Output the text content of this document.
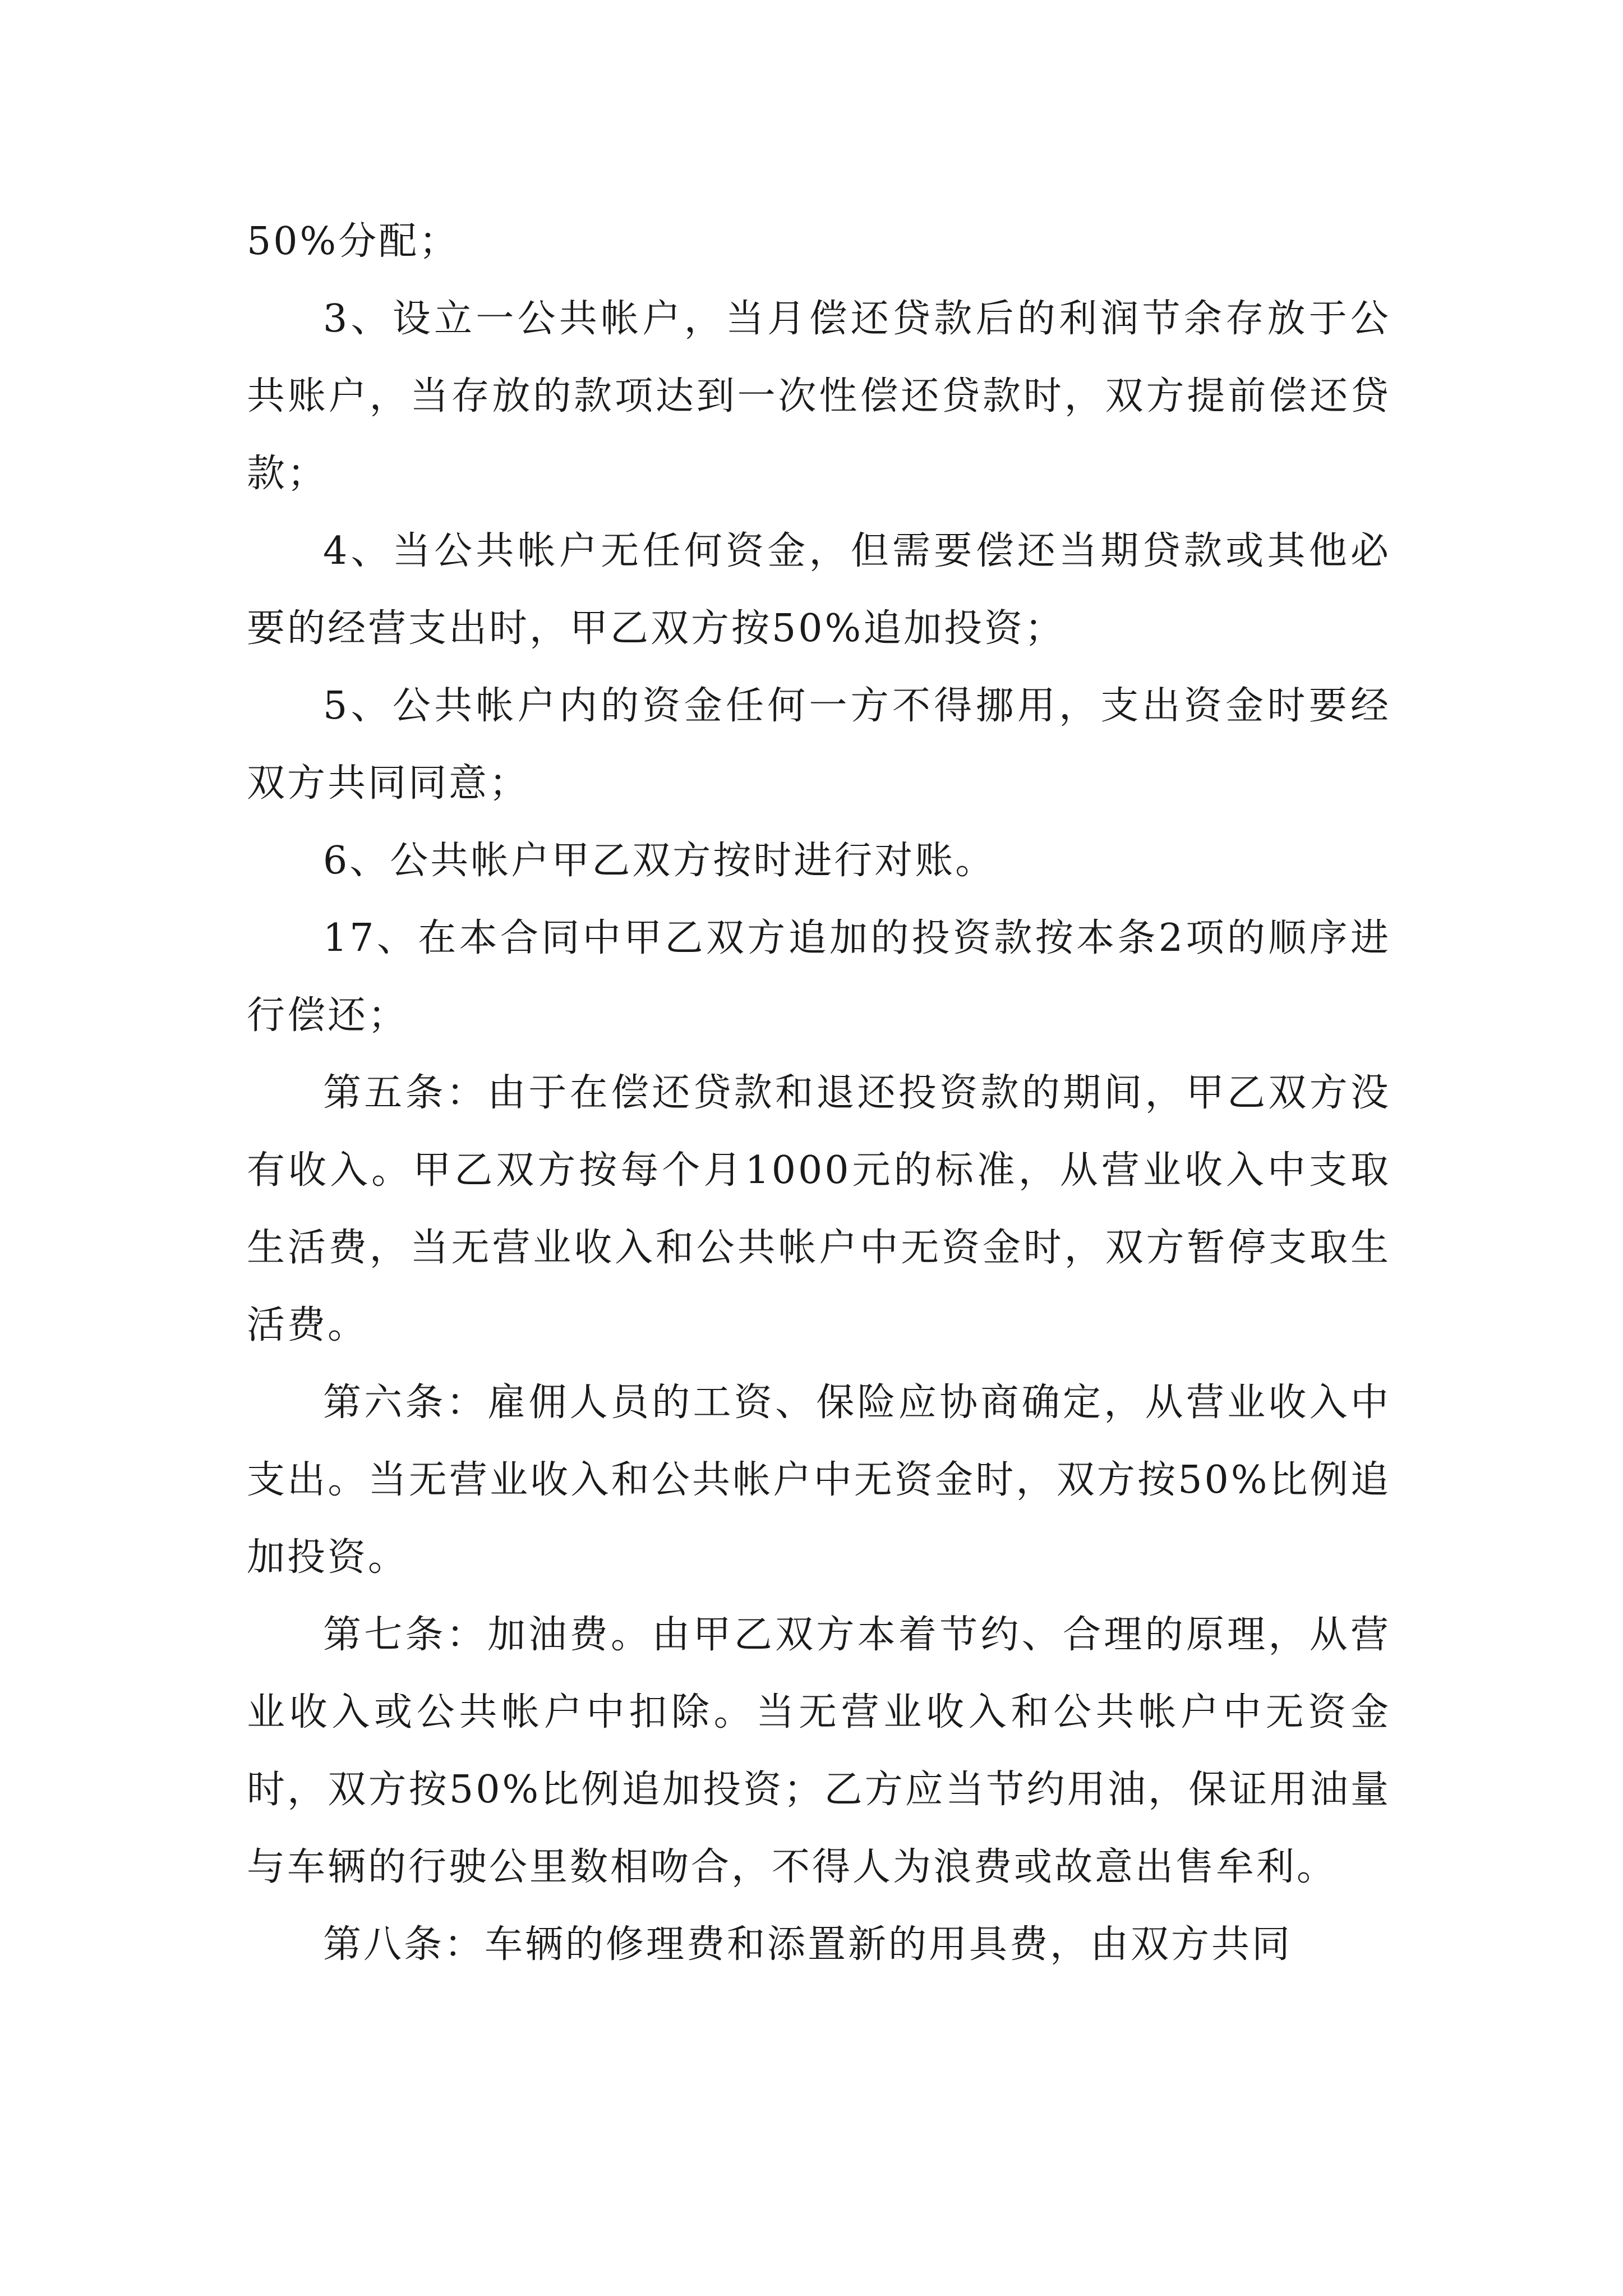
50%分配；

3、设立一公共帐户，当月偿还贷款后的利润节余存放于公共账户，当存放的款项达到一次性偿还贷款时，双方提前偿还贷款；

4、当公共帐户无任何资金，但需要偿还当期贷款或其他必要的经营支出时，甲乙双方按50%追加投资；

5、公共帐户内的资金任何一方不得挪用，支出资金时要经双方共同同意；

6、公共帐户甲乙双方按时进行对账。

17、在本合同中甲乙双方追加的投资款按本条2项的顺序进行偿还；

第五条：由于在偿还贷款和退还投资款的期间，甲乙双方没有收入。甲乙双方按每个月1000元的标准，从营业收入中支取生活费，当无营业收入和公共帐户中无资金时，双方暂停支取生活费。

第六条：雇佣人员的工资、保险应协商确定，从营业收入中支出。当无营业收入和公共帐户中无资金时，双方按50%比例追加投资。

第七条：加油费。由甲乙双方本着节约、合理的原理，从营业收入或公共帐户中扣除。当无营业收入和公共帐户中无资金时，双方按50%比例追加投资；乙方应当节约用油，保证用油量与车辆的行驶公里数相吻合，不得人为浪费或故意出售牟利。

第八条：车辆的修理费和添置新的用具费，由双方共同
